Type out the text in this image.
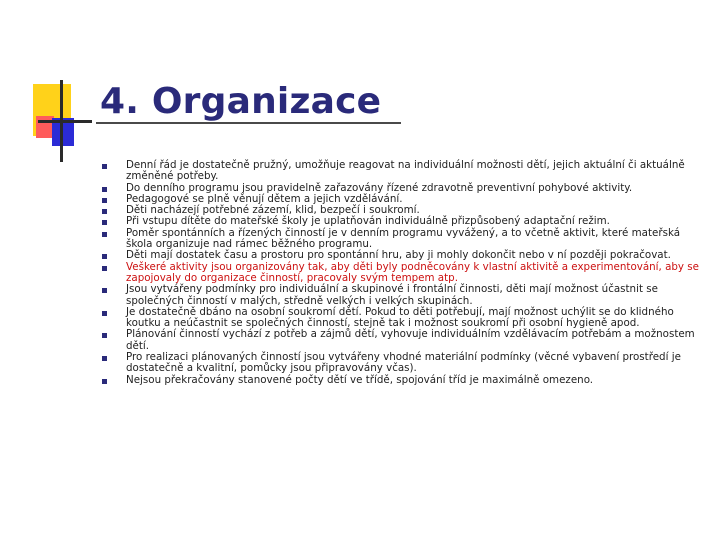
4. Organizace
Denní řád je dostatečně pružný, umožňuje reagovat na individuální možnosti dětí, jejich aktuální či aktuálně změněné potřeby.
Do denního programu jsou pravidelně zařazovány řízené zdravotně preventivní pohybové aktivity.
Pedagogové se plně věnují dětem a jejich vzdělávání.
Děti nacházejí potřebné zázemí, klid, bezpečí i soukromí.
Při vstupu dítěte do mateřské školy je uplatňován individuálně přizpůsobený adaptační režim.
Poměr spontánních a řízených činností je v denním programu vyvážený, a to včetně aktivit, které mateřská škola organizuje nad rámec běžného programu.
Děti mají dostatek času a prostoru pro spontánní hru, aby ji mohly dokončit nebo v ní později pokračovat.
Veškeré aktivity jsou organizovány tak, aby děti byly podněcovány k vlastní aktivitě a experimentování, aby se zapojovaly do organizace činností, pracovaly svým tempem atp.
Jsou vytvářeny podmínky pro individuální a skupinové i frontální činnosti, děti mají možnost účastnit se společných činností v malých, středně velkých i velkých skupinách.
Je dostatečně dbáno na osobní soukromí dětí. Pokud to děti potřebují, mají možnost uchýlit se do klidného koutku a neúčastnit se společných činností, stejně tak i možnost soukromí při osobní hygieně apod.
Plánování činností vychází z potřeb a zájmů dětí, vyhovuje individuálním vzdělávacím potřebám a možnostem dětí.
Pro realizaci plánovaných činností jsou vytvářeny vhodné materiální podmínky (věcné vybavení prostředí je dostatečně a kvalitní, pomůcky jsou připravovány včas).
Nejsou překračovány stanovené počty dětí ve třídě, spojování tříd je maximálně omezeno.
